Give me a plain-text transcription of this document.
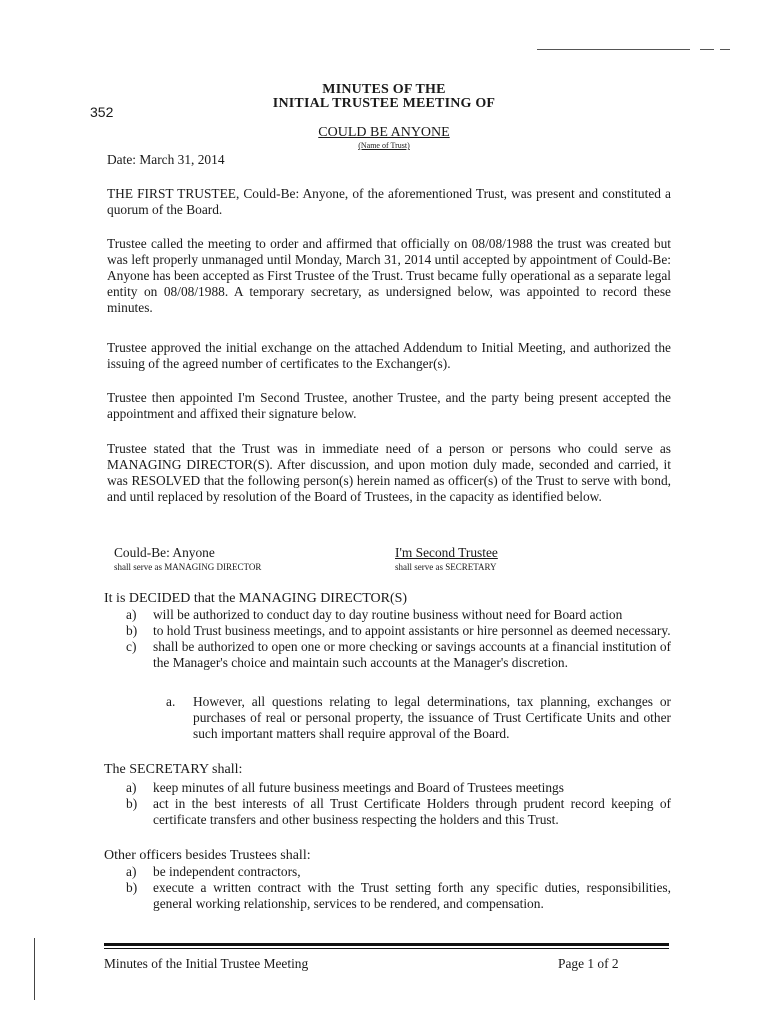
352
MINUTES OF THE
INITIAL TRUSTEE MEETING OF
COULD BE ANYONE
(Name of Trust)

Date: March 31, 2014

THE FIRST TRUSTEE, Could-Be: Anyone, of the aforementioned Trust, was present and constituted a quorum of the Board.

Trustee called the meeting to order and affirmed that officially on 08/08/1988 the trust was created but was left properly unmanaged until Monday, March 31, 2014 until accepted by appointment of Could-Be: Anyone has been accepted as First Trustee of the Trust. Trust became fully operational as a separate legal entity on 08/08/1988. A temporary secretary, as undersigned below, was appointed to record these minutes.

Trustee approved the initial exchange on the attached Addendum to Initial Meeting, and authorized the issuing of the agreed number of certificates to the Exchanger(s).

Trustee then appointed I'm Second Trustee, another Trustee, and the party being present accepted the appointment and affixed their signature below.

Trustee stated that the Trust was in immediate need of a person or persons who could serve as MANAGING DIRECTOR(S). After discussion, and upon motion duly made, seconded and carried, it was RESOLVED that the following person(s) herein named as officer(s) of the Trust to serve with bond, and until replaced by resolution of the Board of Trustees, in the capacity as identified below.

Could-Be: Anyone
shall serve as MANAGING DIRECTOR
I'm Second Trustee
shall serve as SECRETARY
It is DECIDED that the MANAGING DIRECTOR(S)
a) will be authorized to conduct day to day routine business without need for Board action
b) to hold Trust business meetings, and to appoint assistants or hire personnel as deemed necessary.
c) shall be authorized to open one or more checking or savings accounts at a financial institution of the Manager's choice and maintain such accounts at the Manager's discretion.
a. However, all questions relating to legal determinations, tax planning, exchanges or purchases of real or personal property, the issuance of Trust Certificate Units and other such important matters shall require approval of the Board.
The SECRETARY shall:
a) keep minutes of all future business meetings and Board of Trustees meetings
b) act in the best interests of all Trust Certificate Holders through prudent record keeping of certificate transfers and other business respecting the holders and this Trust.
Other officers besides Trustees shall:
a) be independent contractors,
b) execute a written contract with the Trust setting forth any specific duties, responsibilities, general working relationship, services to be rendered, and compensation.
Minutes of the Initial Trustee Meeting	Page 1 of 2
